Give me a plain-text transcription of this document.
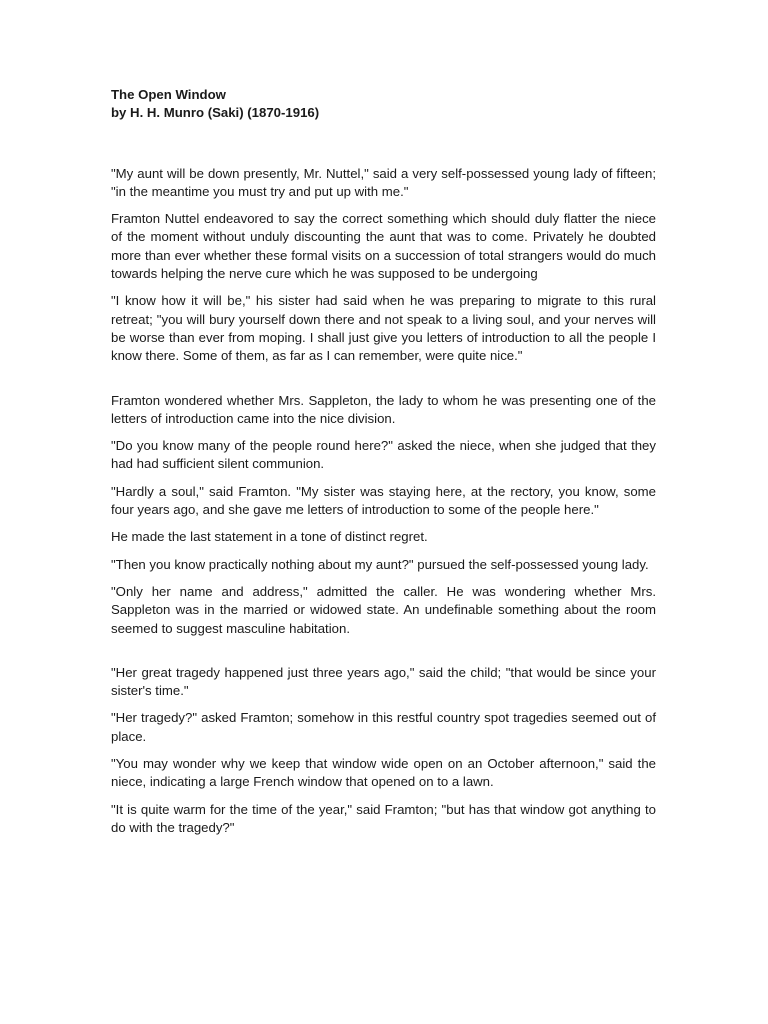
The Open Window
by H. H. Munro (Saki) (1870-1916)

"My aunt will be down presently, Mr. Nuttel," said a very self-possessed young lady of fifteen; "in the meantime you must try and put up with me."

Framton Nuttel endeavored to say the correct something which should duly flatter the niece of the moment without unduly discounting the aunt that was to come. Privately he doubted more than ever whether these formal visits on a succession of total strangers would do much towards helping the nerve cure which he was supposed to be undergoing

"I know how it will be," his sister had said when he was preparing to migrate to this rural retreat; "you will bury yourself down there and not speak to a living soul, and your nerves will be worse than ever from moping. I shall just give you letters of introduction to all the people I know there. Some of them, as far as I can remember, were quite nice."

Framton wondered whether Mrs. Sappleton, the lady to whom he was presenting one of the letters of introduction came into the nice division.

"Do you know many of the people round here?" asked the niece, when she judged that they had had sufficient silent communion.

"Hardly a soul," said Framton. "My sister was staying here, at the rectory, you know, some four years ago, and she gave me letters of introduction to some of the people here."

He made the last statement in a tone of distinct regret.

"Then you know practically nothing about my aunt?" pursued the self-possessed young lady.

"Only her name and address," admitted the caller. He was wondering whether Mrs. Sappleton was in the married or widowed state. An undefinable something about the room seemed to suggest masculine habitation.

"Her great tragedy happened just three years ago," said the child; "that would be since your sister's time."

"Her tragedy?" asked Framton; somehow in this restful country spot tragedies seemed out of place.

"You may wonder why we keep that window wide open on an October afternoon," said the niece, indicating a large French window that opened on to a lawn.

"It is quite warm for the time of the year," said Framton; "but has that window got anything to do with the tragedy?"
